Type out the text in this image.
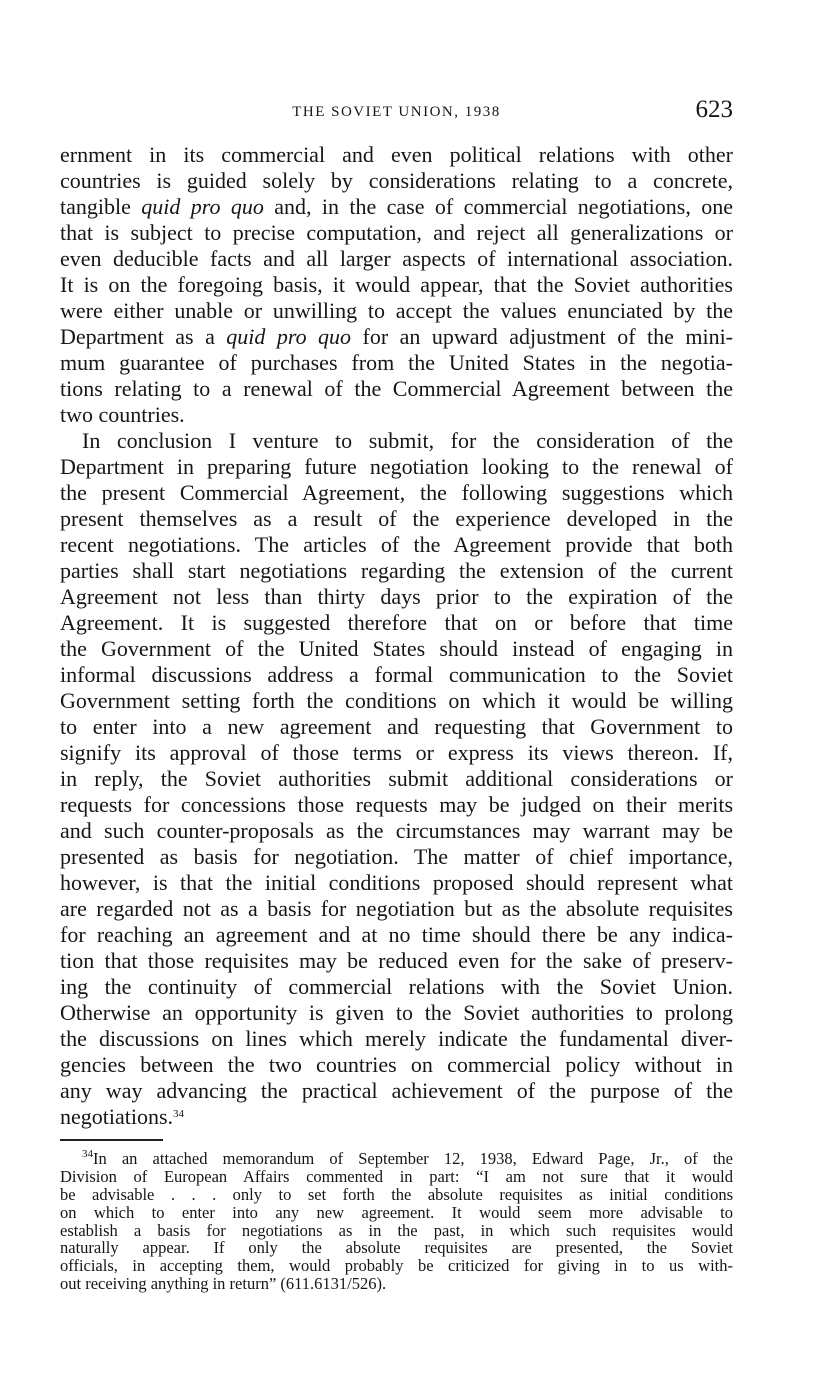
THE SOVIET UNION, 1938	623
ernment in its commercial and even political relations with other
countries is guided solely by considerations relating to a concrete,
tangible quid pro quo and, in the case of commercial negotiations, one
that is subject to precise computation, and reject all generalizations or
even deducible facts and all larger aspects of international association.
It is on the foregoing basis, it would appear, that the Soviet authorities
were either unable or unwilling to accept the values enunciated by the
Department as a quid pro quo for an upward adjustment of the mini-
mum guarantee of purchases from the United States in the negotia-
tions relating to a renewal of the Commercial Agreement between the
two countries.
In conclusion I venture to submit, for the consideration of the
Department in preparing future negotiation looking to the renewal of
the present Commercial Agreement, the following suggestions which
present themselves as a result of the experience developed in the
recent negotiations. The articles of the Agreement provide that both
parties shall start negotiations regarding the extension of the current
Agreement not less than thirty days prior to the expiration of the
Agreement. It is suggested therefore that on or before that time
the Government of the United States should instead of engaging in
informal discussions address a formal communication to the Soviet
Government setting forth the conditions on which it would be willing
to enter into a new agreement and requesting that Government to
signify its approval of those terms or express its views thereon. If,
in reply, the Soviet authorities submit additional considerations or
requests for concessions those requests may be judged on their merits
and such counter-proposals as the circumstances may warrant may be
presented as basis for negotiation. The matter of chief importance,
however, is that the initial conditions proposed should represent what
are regarded not as a basis for negotiation but as the absolute requisites
for reaching an agreement and at no time should there be any indica-
tion that those requisites may be reduced even for the sake of preserv-
ing the continuity of commercial relations with the Soviet Union.
Otherwise an opportunity is given to the Soviet authorities to prolong
the discussions on lines which merely indicate the fundamental diver-
gencies between the two countries on commercial policy without in
any way advancing the practical achievement of the purpose of the
negotiations.$^{34}$
$^{34}$In an attached memorandum of September 12, 1938, Edward Page, Jr., of the
Division of European Affairs commented in part: “I am not sure that it would
be advisable . . . only to set forth the absolute requisites as initial conditions
on which to enter into any new agreement. It would seem more advisable to
establish a basis for negotiations as in the past, in which such requisites would
naturally appear. If only the absolute requisites are presented, the Soviet
officials, in accepting them, would probably be criticized for giving in to us with-
out receiving anything in return” (611.6131/526).
